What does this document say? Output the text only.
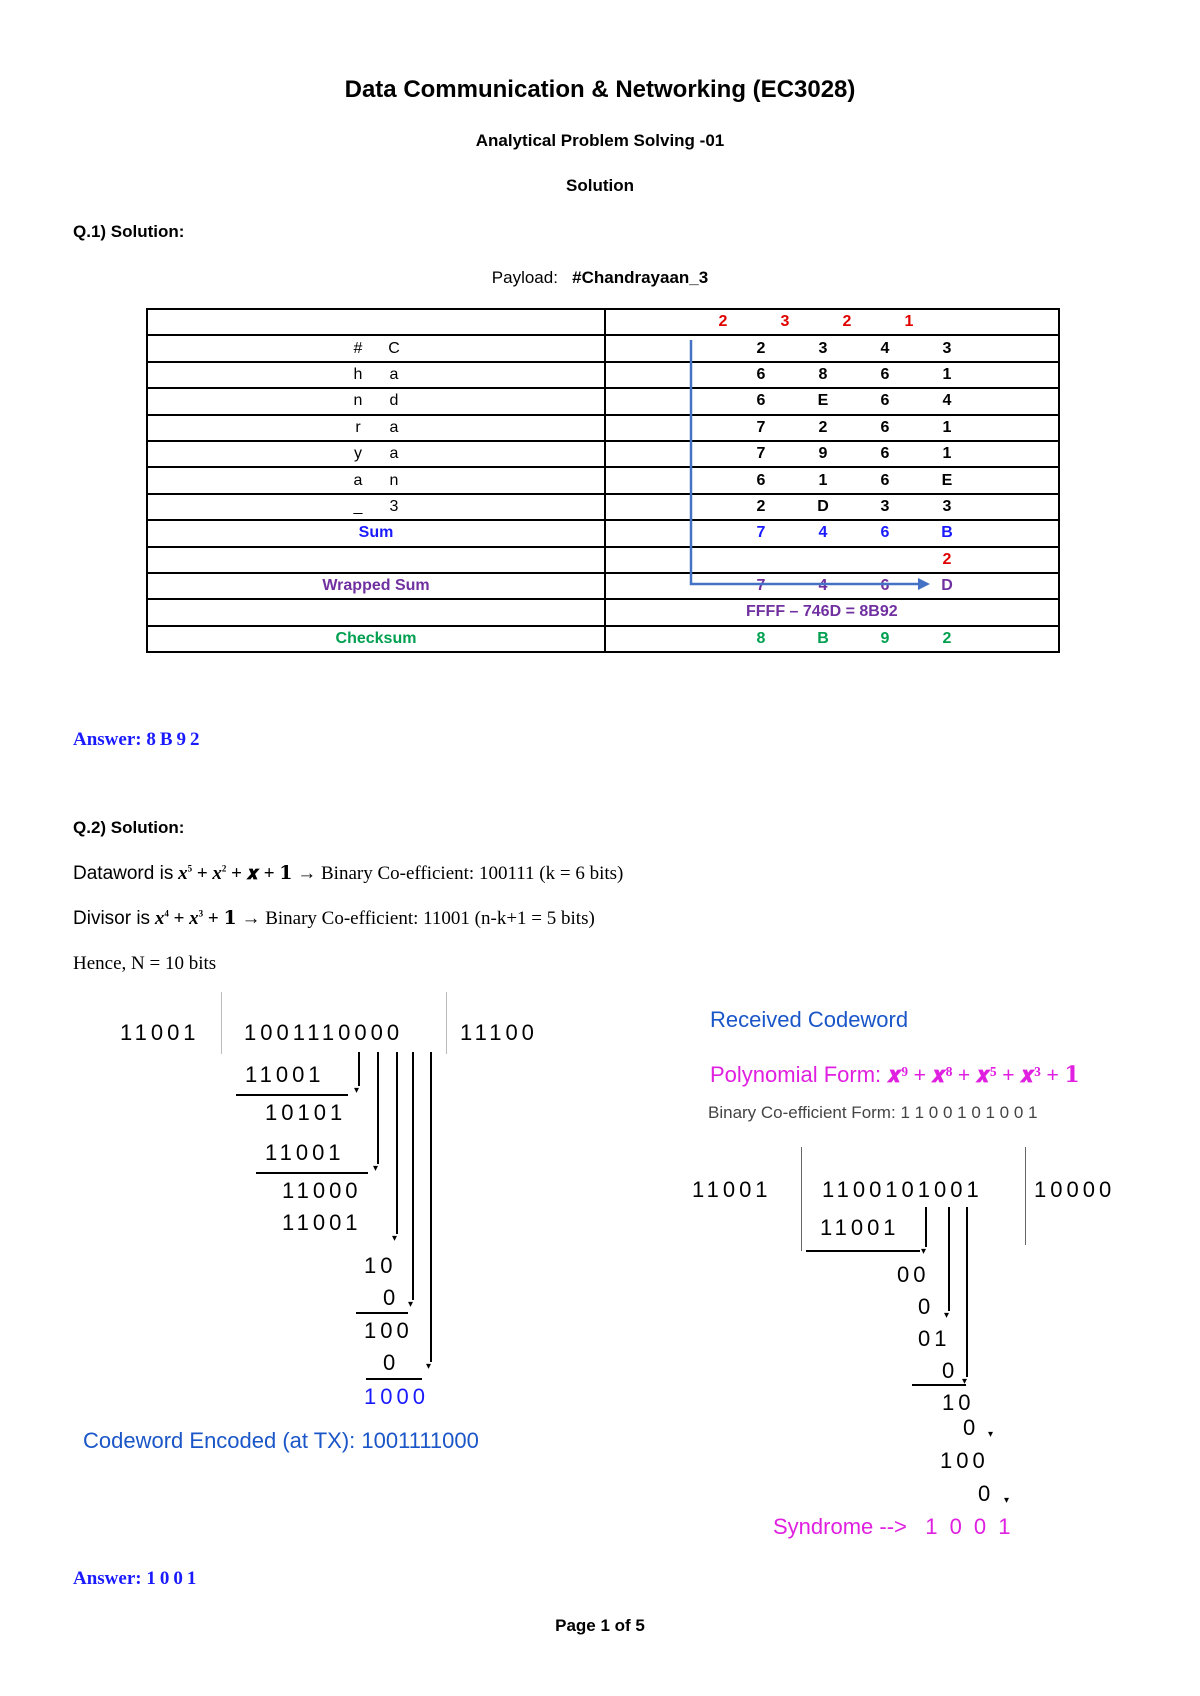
Data Communication & Networking (EC3028)
Analytical Problem Solving -01
Solution
Q.1) Solution:
Payload: #Chandrayaan_3

	2 3 2 1

# C	2 3 4 3

h a	6 8 6 1

n d	6 E 6 4

r a	7 2 6 1

y a	7 9 6 1

a n	6 1 6 E

_ 3	2 D 3 3

Sum	7 4 6 B

	2

Wrapped Sum	7 4 6 D

	FFFF – 746D = 8B92

Checksum	8 B 9 2
Answer: 8B92
Q.2) Solution:
Dataword is $x^5 + x^2$ + 𝒙 + 𝟏 → Binary Co-efficient: 100111 (k = 6 bits)
Divisor is $x^4 + x^3$ + 𝟏 → Binary Co-efficient: 11001 (n-k+1 = 5 bits)
Hence, N = 10 bits
11001 1001110000	11100
11001
10101
11001
11000
11001
10
0
100
0
1000
▾
▾
▾
▾
▾
Codeword Encoded (at TX): 1001111000
Received Codeword
Polynomial Form: 𝒙⁹ + 𝒙⁸ + 𝒙⁵ + 𝒙³ + 𝟏
Binary Co-efficient Form: 1 1 0 0 1 0 1 0 0 1
11001 1100101001 10000
11001
00
0
01
0
10
0
100
0
▾
▾
▾
▾
▾
Syndrome --> 1 0 0 1
Answer: 1001
Page 1 of 5
